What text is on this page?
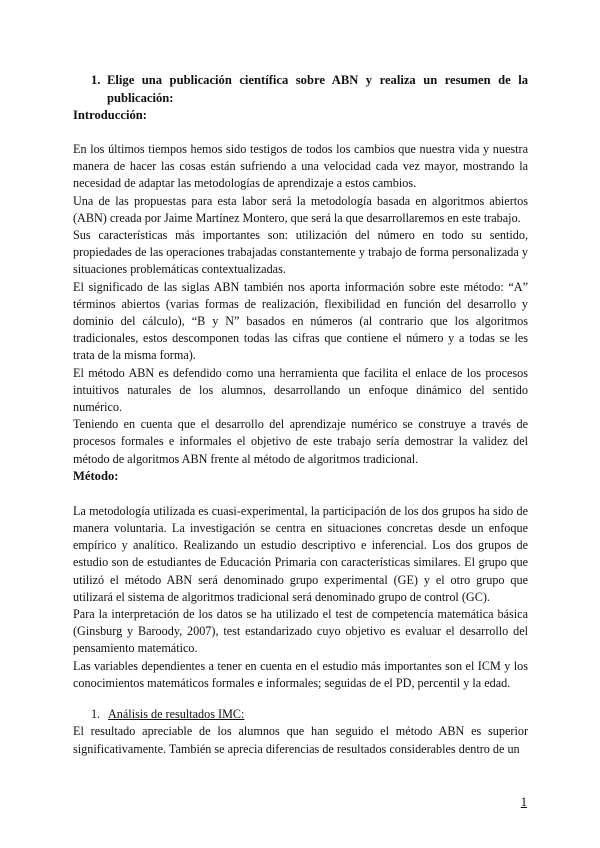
1. Elige una publicación científica sobre ABN y realiza un resumen de la publicación:
Introducción:

En los últimos tiempos hemos sido testigos de todos los cambios que nuestra vida y nuestra manera de hacer las cosas están sufriendo a una velocidad cada vez mayor, mostrando la necesidad de adaptar las metodologías de aprendizaje a estos cambios.

Una de las propuestas para esta labor será la metodología basada en algoritmos abiertos (ABN) creada por Jaime Martínez Montero, que será la que desarrollaremos en este trabajo.

Sus características más importantes son: utilización del número en todo su sentido, propiedades de las operaciones trabajadas constantemente y trabajo de forma personalizada y situaciones problemáticas contextualizadas.

El significado de las siglas ABN también nos aporta información sobre este método: “A” términos abiertos (varias formas de realización, flexibilidad en función del desarrollo y dominio del cálculo), “B y N” basados en números (al contrario que los algoritmos tradicionales, estos descomponen todas las cifras que contiene el número y a todas se les trata de la misma forma).

El método ABN es defendido como una herramienta que facilita el enlace de los procesos intuitivos naturales de los alumnos, desarrollando un enfoque dinámico del sentido numérico.

Teniendo en cuenta que el desarrollo del aprendizaje numérico se construye a través de procesos formales e informales el objetivo de este trabajo sería demostrar la validez del método de algoritmos ABN frente al método de algoritmos tradicional.

Método:

La metodología utilizada es cuasi-experimental, la participación de los dos grupos ha sido de manera voluntaria. La investigación se centra en situaciones concretas desde un enfoque empírico y analítico. Realizando un estudio descriptivo e inferencial. Los dos grupos de estudio son de estudiantes de Educación Primaria con características similares. El grupo que utilizó el método ABN será denominado grupo experimental (GE) y el otro grupo que utilizará el sistema de algoritmos tradicional será denominado grupo de control (GC).

Para la interpretación de los datos se ha utilizado el test de competencia matemática básica (Ginsburg y Baroody, 2007), test estandarizado cuyo objetivo es evaluar el desarrollo del pensamiento matemático.

Las variables dependientes a tener en cuenta en el estudio más importantes son el ICM y los conocimientos matemáticos formales e informales; seguidas de el PD, percentil y la edad.

1. Análisis de resultados IMC:

El resultado apreciable de los alumnos que han seguido el método ABN es superior significativamente. También se aprecia diferencias de resultados considerables dentro de un

1
